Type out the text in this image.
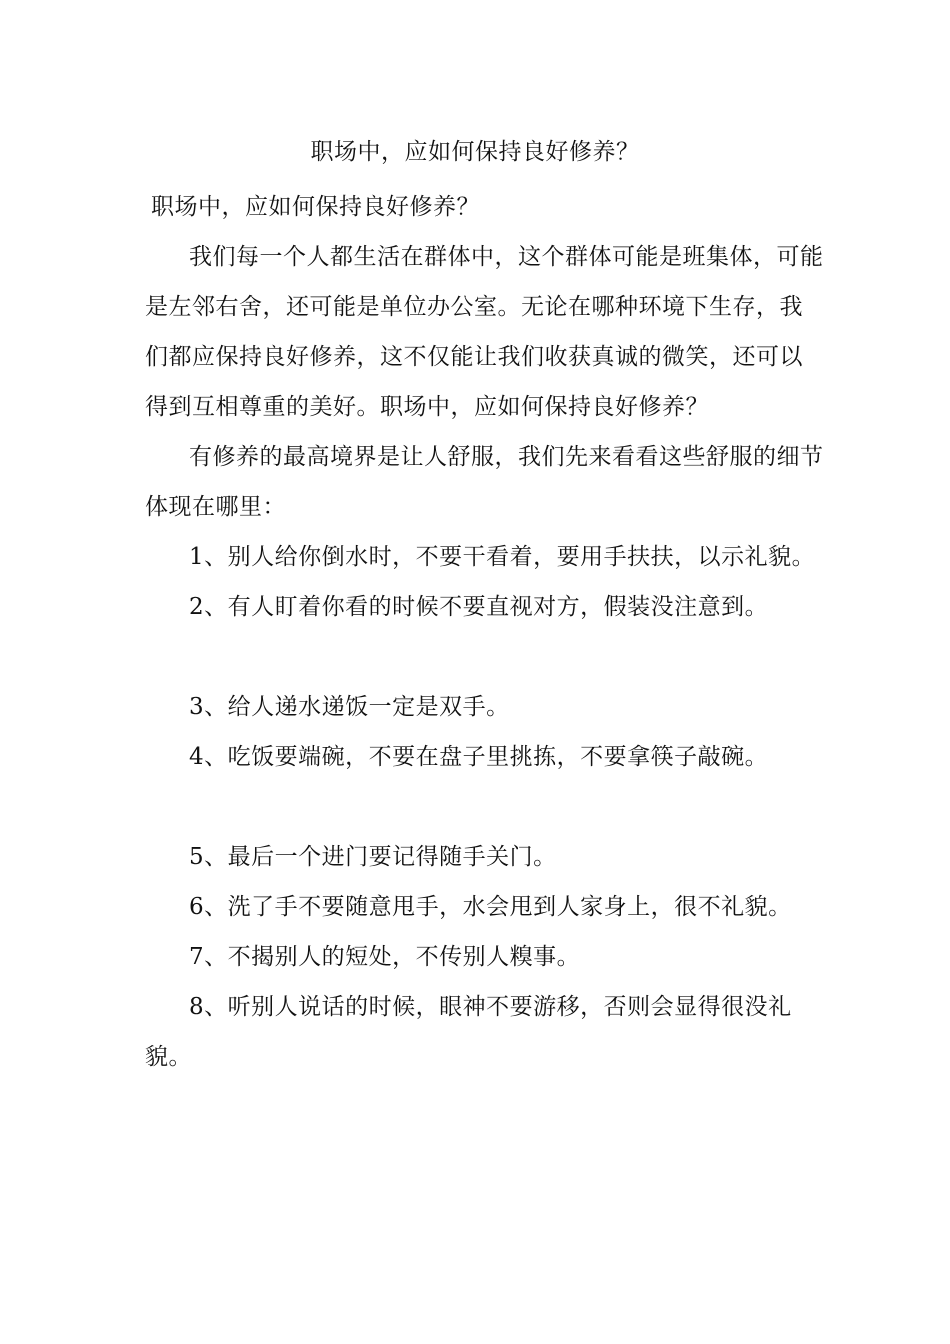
职场中，应如何保持良好修养？

职场中，应如何保持良好修养？

我们每一个人都生活在群体中，这个群体可能是班集体，可能是左邻右舍，还可能是单位办公室。无论在哪种环境下生存，我们都应保持良好修养，这不仅能让我们收获真诚的微笑，还可以得到互相尊重的美好。职场中，应如何保持良好修养？

有修养的最高境界是让人舒服，我们先来看看这些舒服的细节体现在哪里：

1、别人给你倒水时，不要干看着，要用手扶扶，以示礼貌。

2、有人盯着你看的时候不要直视对方，假装没注意到。

3、给人递水递饭一定是双手。

4、吃饭要端碗，不要在盘子里挑拣，不要拿筷子敲碗。

5、最后一个进门要记得随手关门。

6、洗了手不要随意甩手，水会甩到人家身上，很不礼貌。

7、不揭别人的短处，不传别人糗事。

8、听别人说话的时候，眼神不要游移，否则会显得很没礼貌。
